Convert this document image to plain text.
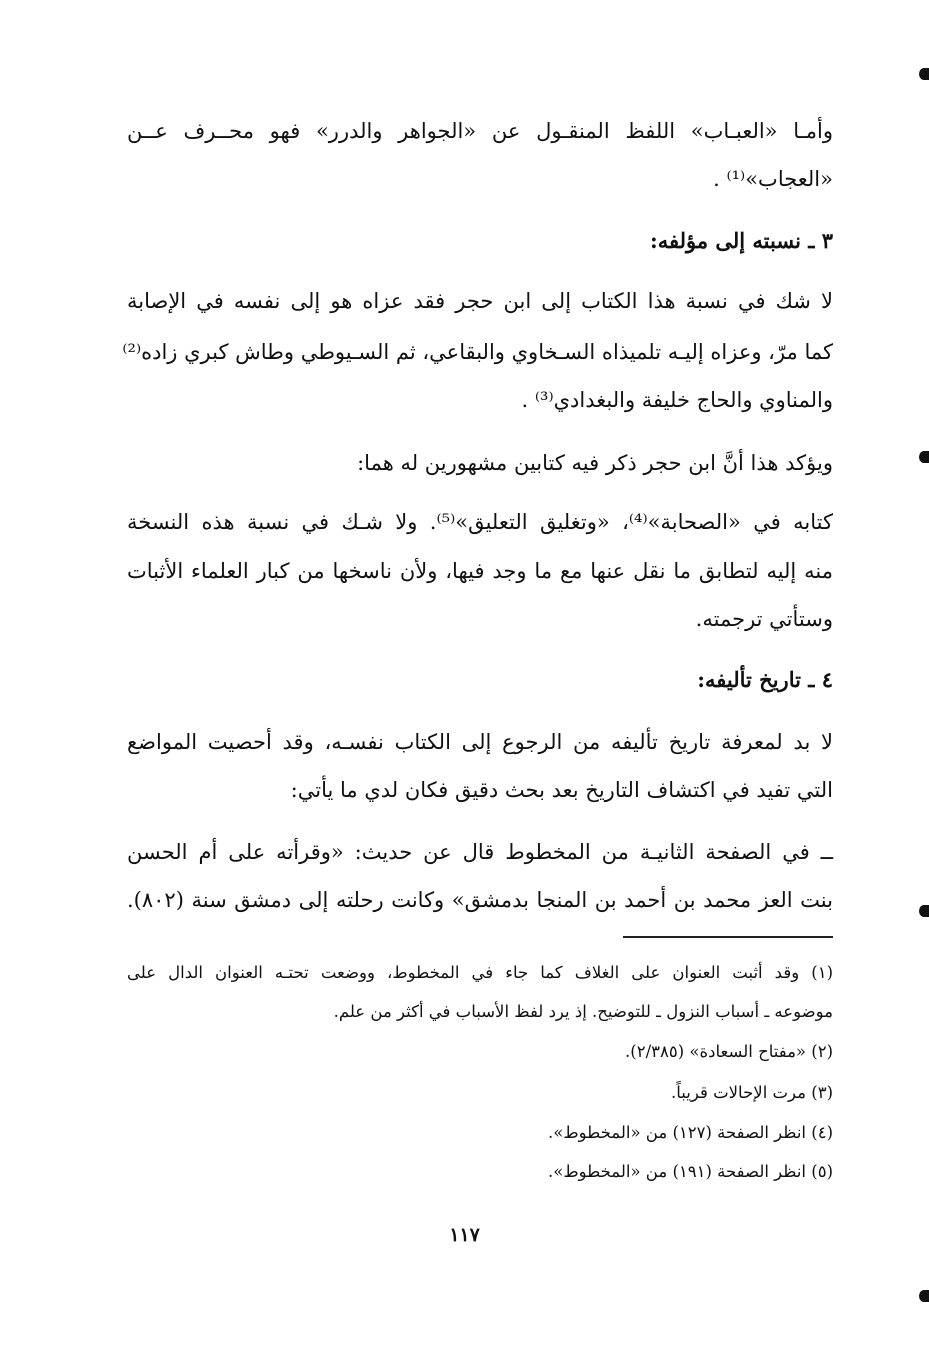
وأمـا «العبـاب» اللفظ المنقـول عن «الجواهر والدرر» فهو محــرف عــن
«العجاب»⁽¹⁾ .
٣ ـ نسبته إلى مؤلفه:
لا شك في نسبة هذا الكتاب إلى ابن حجر فقد عزاه هو إلى نفسه في الإصابة
كما مرّ، وعزاه إليـه تلميذاه السـخاوي والبقاعي، ثم السـيوطي وطاش كبري زاده⁽²⁾
والمناوي والحاج خليفة والبغدادي⁽³⁾ .
ويؤكد هذا أنَّ ابن حجر ذكر فيه كتابين مشهورين له هما:
كتابه في «الصحابة»⁽⁴⁾، «وتغليق التعليق»⁽⁵⁾. ولا شـك في نسبة هذه النسخة
منه إليه لتطابق ما نقل عنها مع ما وجد فيها، ولأن ناسخها من كبار العلماء الأثبات
وستأتي ترجمته.
٤ ـ تاريخ تأليفه:
لا بد لمعرفة تاريخ تأليفه من الرجوع إلى الكتاب نفسـه، وقد أحصيت المواضع
التي تفيد في اكتشاف التاريخ بعد بحث دقيق فكان لدي ما يأتي:
ــ في الصفحة الثانيـة من المخطوط قال عن حديث: «وقرأته على أم الحسن
بنت العز محمد بن أحمد بن المنجا بدمشق» وكانت رحلته إلى دمشق سنة (٨٠٢).
(١) وقد أثبت العنوان على الغلاف كما جاء في المخطوط، ووضعت تحتـه العنوان الدال على
موضوعه ـ أسباب النزول ـ للتوضيح. إذ يرد لفظ الأسباب في أكثر من علم.
(٢) «مفتاح السعادة» (٢/٣٨٥).
(٣) مرت الإحالات قريباً.
(٤) انظر الصفحة (١٢٧) من «المخطوط».
(٥) انظر الصفحة (١٩١) من «المخطوط».
١١٧
